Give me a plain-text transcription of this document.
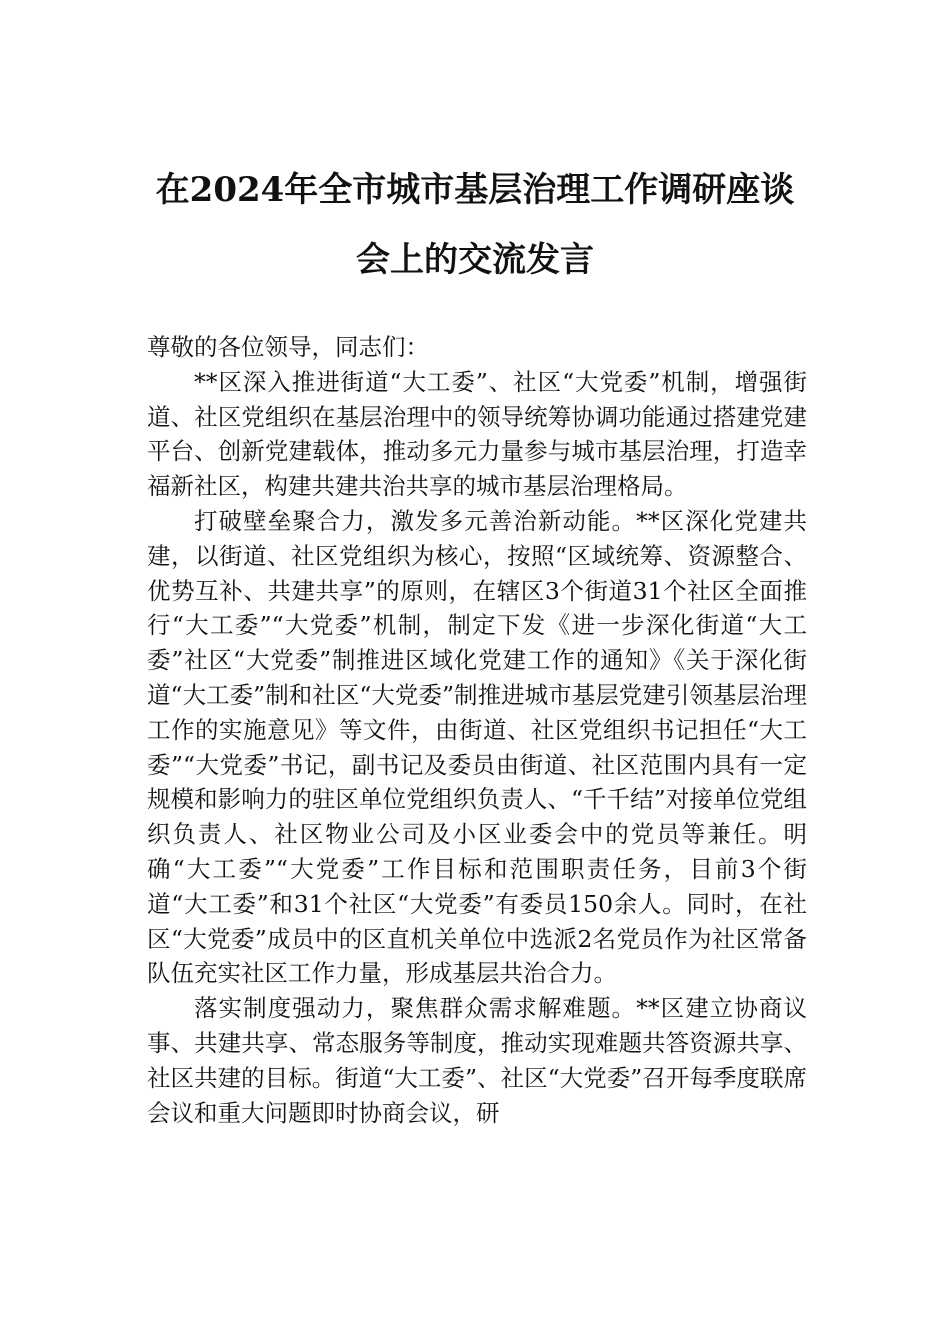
在2024年全市城市基层治理工作调研座谈
会上的交流发言

尊敬的各位领导，同志们：

**区深入推进街道“大工委”、社区“大党委”机制，增强街道、社区党组织在基层治理中的领导统筹协调功能通过搭建党建平台、创新党建载体，推动多元力量参与城市基层治理，打造幸福新社区，构建共建共治共享的城市基层治理格局。

打破壁垒聚合力，激发多元善治新动能。**区深化党建共建，以街道、社区党组织为核心，按照“区域统筹、资源整合、优势互补、共建共享”的原则，在辖区3个街道31个社区全面推行“大工委”“大党委”机制，制定下发《进一步深化街道“大工委”社区“大党委”制推进区域化党建工作的通知》《关于深化街道“大工委”制和社区“大党委”制推进城市基层党建引领基层治理工作的实施意见》等文件，由街道、社区党组织书记担任“大工委”“大党委”书记，副书记及委员由街道、社区范围内具有一定规模和影响力的驻区单位党组织负责人、“千千结”对接单位党组织负责人、社区物业公司及小区业委会中的党员等兼任。明确“大工委”“大党委”工作目标和范围职责任务，目前3个街道“大工委”和31个社区“大党委”有委员150余人。同时，在社区“大党委”成员中的区直机关单位中选派2名党员作为社区常备队伍充实社区工作力量，形成基层共治合力。

落实制度强动力，聚焦群众需求解难题。**区建立协商议事、共建共享、常态服务等制度，推动实现难题共答资源共享、社区共建的目标。街道“大工委”、社区“大党委”召开每季度联席会议和重大问题即时协商会议，研
